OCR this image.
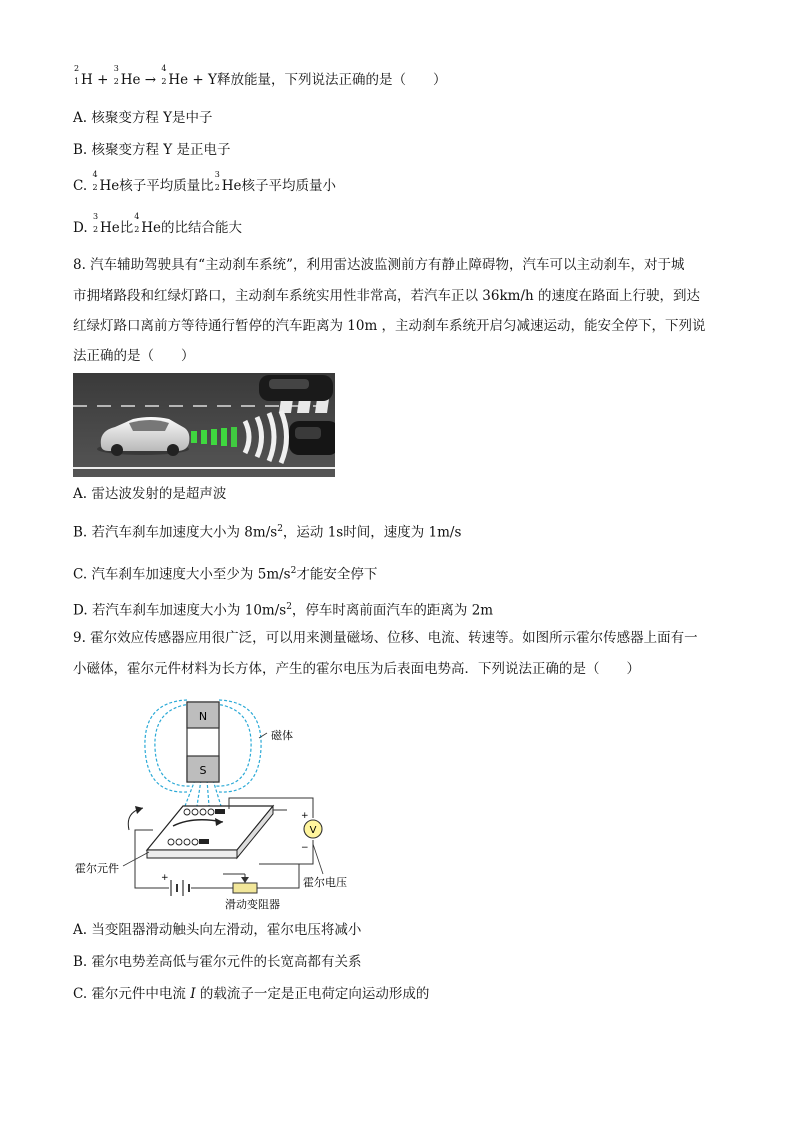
2
1 H +
3
2 He →
4
2 He + Y释放能量，下列说法正确的是（　　）
A. 核聚变方程 Y是中子
B. 核聚变方程 Y 是正电子
C.
4
2 He核子平均质量比
3
2 He核子平均质量小
D.
3
2 He比
4
2 He的比结合能大
8. 汽车辅助驾驶具有“主动刹车系统”，利用雷达波监测前方有静止障碍物，汽车可以主动刹车，对于城
市拥堵路段和红绿灯路口，主动刹车系统实用性非常高，若汽车正以 36km/h 的速度在路面上行驶，到达
红绿灯路口离前方等待通行暂停的汽车距离为 10m ，主动刹车系统开启匀减速运动，能安全停下，下列说
法正确的是（　　）
A. 雷达波发射的是超声波
B. 若汽车刹车加速度大小为 $8m/s^2$，运动 1s时间，速度为 1m/s
C. 汽车刹车加速度大小至少为 $5m/s^2$才能安全停下
D. 若汽车刹车加速度大小为 $10m/s^2$，停车时离前面汽车的距离为 2m
9. 霍尔效应传感器应用很广泛，可以用来测量磁场、位移、电流、转速等。如图所示霍尔传感器上面有一
小磁体，霍尔元件材料为长方体，产生的霍尔电压为后表面电势高．下列说法正确的是（　　）
N
S
磁体
V
+
−
+
滑动变阻器
霍尔元件
霍尔电压
A. 当变阻器滑动触头向左滑动，霍尔电压将减小
B. 霍尔电势差高低与霍尔元件的长宽高都有关系
C. 霍尔元件中电流 I 的载流子一定是正电荷定向运动形成的
